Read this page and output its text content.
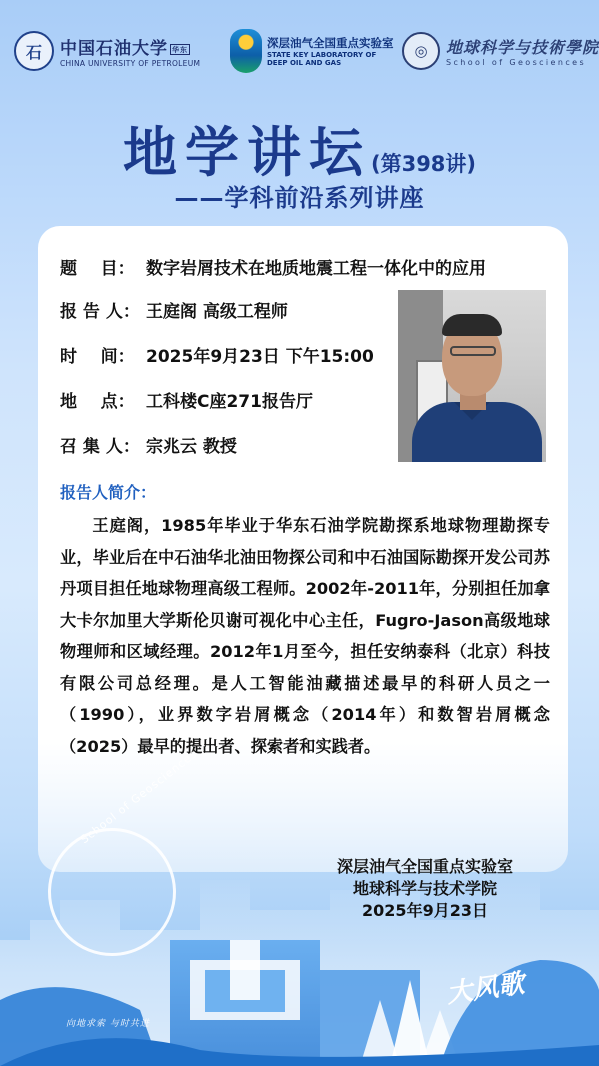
石	中国石油大学 华东
CHINA UNIVERSITY OF PETROLEUM
深层油气全国重点实验室
STATE KEY LABORATORY OF
DEEP OIL AND GAS
◎	地球科学与技術學院
School of Geosciences
地学讲坛(第398讲)
——学科前沿系列讲座
题    目： 数字岩屑技术在地质地震工程一体化中的应用
报 告 人： 王庭阁 高级工程师
时    间： 2025年9月23日 下午15:00
地    点： 工科楼C座271报告厅
召 集 人： 宗兆云 教授
报告人简介：
王庭阁，1985年毕业于华东石油学院勘探系地球物理勘探专业，毕业后在中石油华北油田物探公司和中石油国际勘探开发公司苏丹项目担任地球物理高级工程师。2002年-2011年，分别担任加拿大卡尔加里大学斯伦贝谢可视化中心主任，Fugro-Jason高级地球物理师和区域经理。2012年1月至今，担任安纳泰科（北京）科技有限公司总经理。是人工智能油藏描述最早的科研人员之一（1990），业界数字岩屑概念（2014年）和数智岩屑概念（2025）最早的提出者、探索者和实践者。
School of Geosciences
向地求索 与时共进
大风歌
深层油气全国重点实验室
地球科学与技术学院
2025年9月23日
